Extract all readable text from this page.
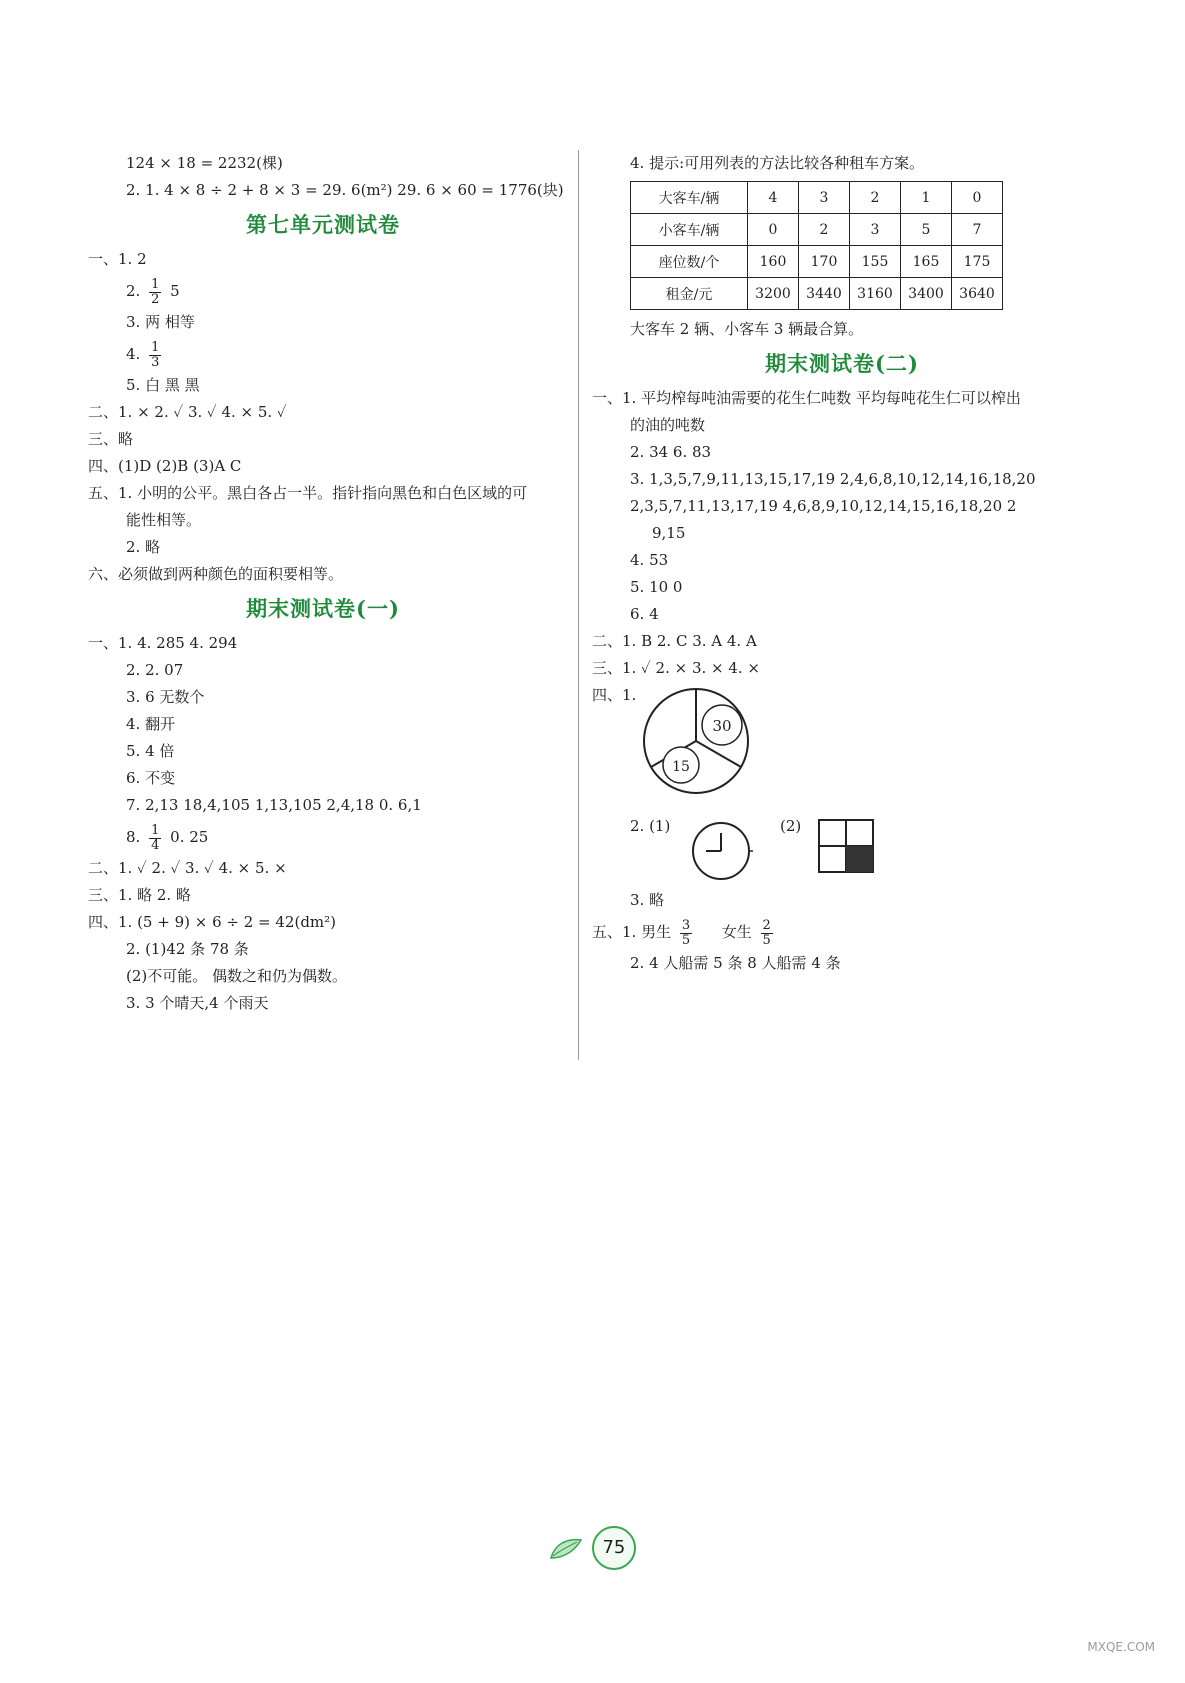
124 × 18 = 2232(棵)
2. 1. 4 × 8 ÷ 2 + 8 × 3 = 29. 6(m²) 29. 6 × 60 = 1776(块)
第七单元测试卷
一、1. 2
2. $\frac{1}{2} 5$
3. 两 相等
4. $\frac{1}{3}$
5. 白 黑 黑
二、1. × 2. ✓ 3. ✓ 4. × 5. ✓
三、略
四、(1)D (2)B (3)A C
五、1. 小明的公平。黑白各占一半。指针指向黑色和白色区域的可
能性相等。
2. 略
六、必须做到两种颜色的面积要相等。
期末测试卷(一)
一、1. 4. 285 4. 294
2. 2. 07
3. 6 无数个
4. 翻开
5. 4 倍
6. 不变
7. 2,13 18,4,105 1,13,105 2,4,18 0. 6,1
8. $\frac{1}{4} 0$. 25
二、1. ✓ 2. ✓ 3. ✓ 4. × 5. ×
三、1. 略 2. 略
四、1. (5 + 9) × 6 ÷ 2 = 42(dm²)
2. (1)42 条 78 条
(2)不可能。 偶数之和仍为偶数。
3. 3 个晴天,4 个雨天
4. 提示:可用列表的方法比较各种租车方案。
大客车/辆	4	3	2	1	0
小客车/辆	0	2	3	5	7
座位数/个	160	170	155	165	175
租金/元	3200	3440	3160	3400	3640
大客车 2 辆、小客车 3 辆最合算。
期末测试卷(二)
一、1. 平均榨每吨油需要的花生仁吨数 平均每吨花生仁可以榨出
的油的吨数
2. 34 6. 83
3. 1,3,5,7,9,11,13,15,17,19 2,4,6,8,10,12,14,16,18,20
2,3,5,7,11,13,17,19 4,6,8,9,10,12,14,15,16,18,20 2
9,15
4. 53
5. 10 0
6. 4
二、1. B 2. C 3. A 4. A
三、1. ✓ 2. × 3. × 4. ×
四、1.
30
15
2. (1)	(2)
3. 略
五、1. 男生 $\frac{3}{5}$ 女生 $\frac{2}{5}$
2. 4 人船需 5 条 8 人船需 4 条
75
MXQE.COM
